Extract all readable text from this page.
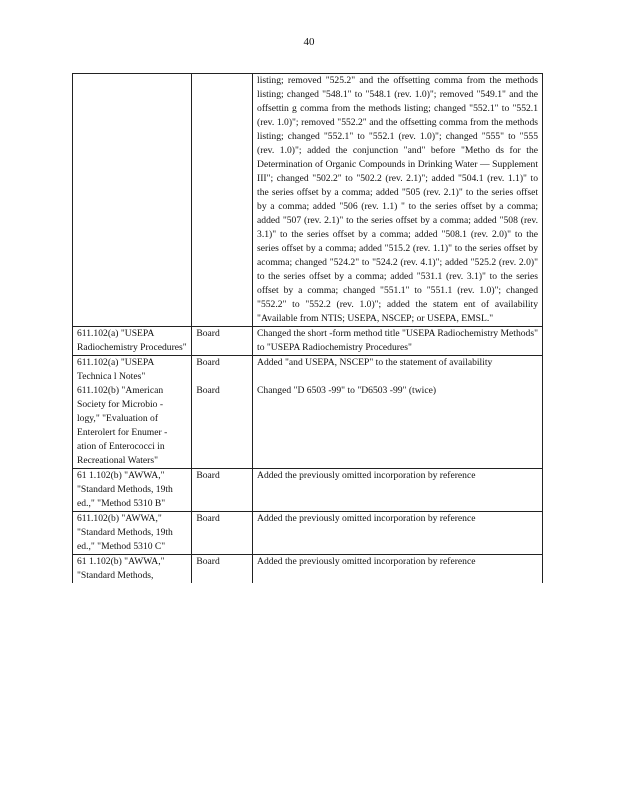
40

		listing; removed "525.2" and the offsetting comma from the methods listing; changed "548.1" to "548.1 (rev. 1.0)"; removed "549.1" and the offsettin g comma from the methods listing; changed "552.1" to "552.1 (rev. 1.0)"; removed "552.2" and the offsetting comma from the methods listing; changed "552.1" to "552.1 (rev. 1.0)"; changed "555" to "555 (rev. 1.0)"; added the conjunction "and" before "Metho ds for the Determination of Organic Compounds in Drinking Water — Supplement III"; changed "502.2" to "502.2 (rev. 2.1)"; added "504.1 (rev. 1.1)" to the series offset by a comma; added "505 (rev. 2.1)" to the series offset by a comma; added "506 (rev. 1.1) " to the series offset by a comma; added "507 (rev. 2.1)" to the series offset by a comma; added "508 (rev. 3.1)" to the series offset by a comma; added "508.1 (rev. 2.0)" to the series offset by a comma; added "515.2 (rev. 1.1)" to the series offset by acomma; changed "524.2" to "524.2 (rev. 4.1)"; added "525.2 (rev. 2.0)" to the series offset by a comma; added "531.1 (rev. 3.1)" to the series offset by a comma; changed "551.1" to "551.1 (rev. 1.0)"; changed "552.2" to "552.2 (rev. 1.0)"; added the statem ent of availability "Available from NTIS; USEPA, NSCEP; or USEPA, EMSL."

611.102(a) "USEPA Radiochemistry Procedures"	Board	Changed the short -form method title "USEPA Radiochemistry Methods" to "USEPA Radiochemistry Procedures"

611.102(a) "USEPA Technica l Notes"	Board	Added "and USEPA, NSCEP" to the statement of availability

611.102(b) "American Society for Microbio - logy," "Evaluation of Enterolert for Enumer - ation of Enterococci in Recreational Waters"	Board	Changed "D 6503 -99" to "D6503 -99" (twice)

61 1.102(b) "AWWA," "Standard Methods, 19th ed.," "Method 5310 B"	Board	Added the previously omitted incorporation by reference

611.102(b) "AWWA," "Standard Methods, 19th ed.," "Method 5310 C"	Board	Added the previously omitted incorporation by reference

61 1.102(b) "AWWA," "Standard Methods,	Board	Added the previously omitted incorporation by reference
